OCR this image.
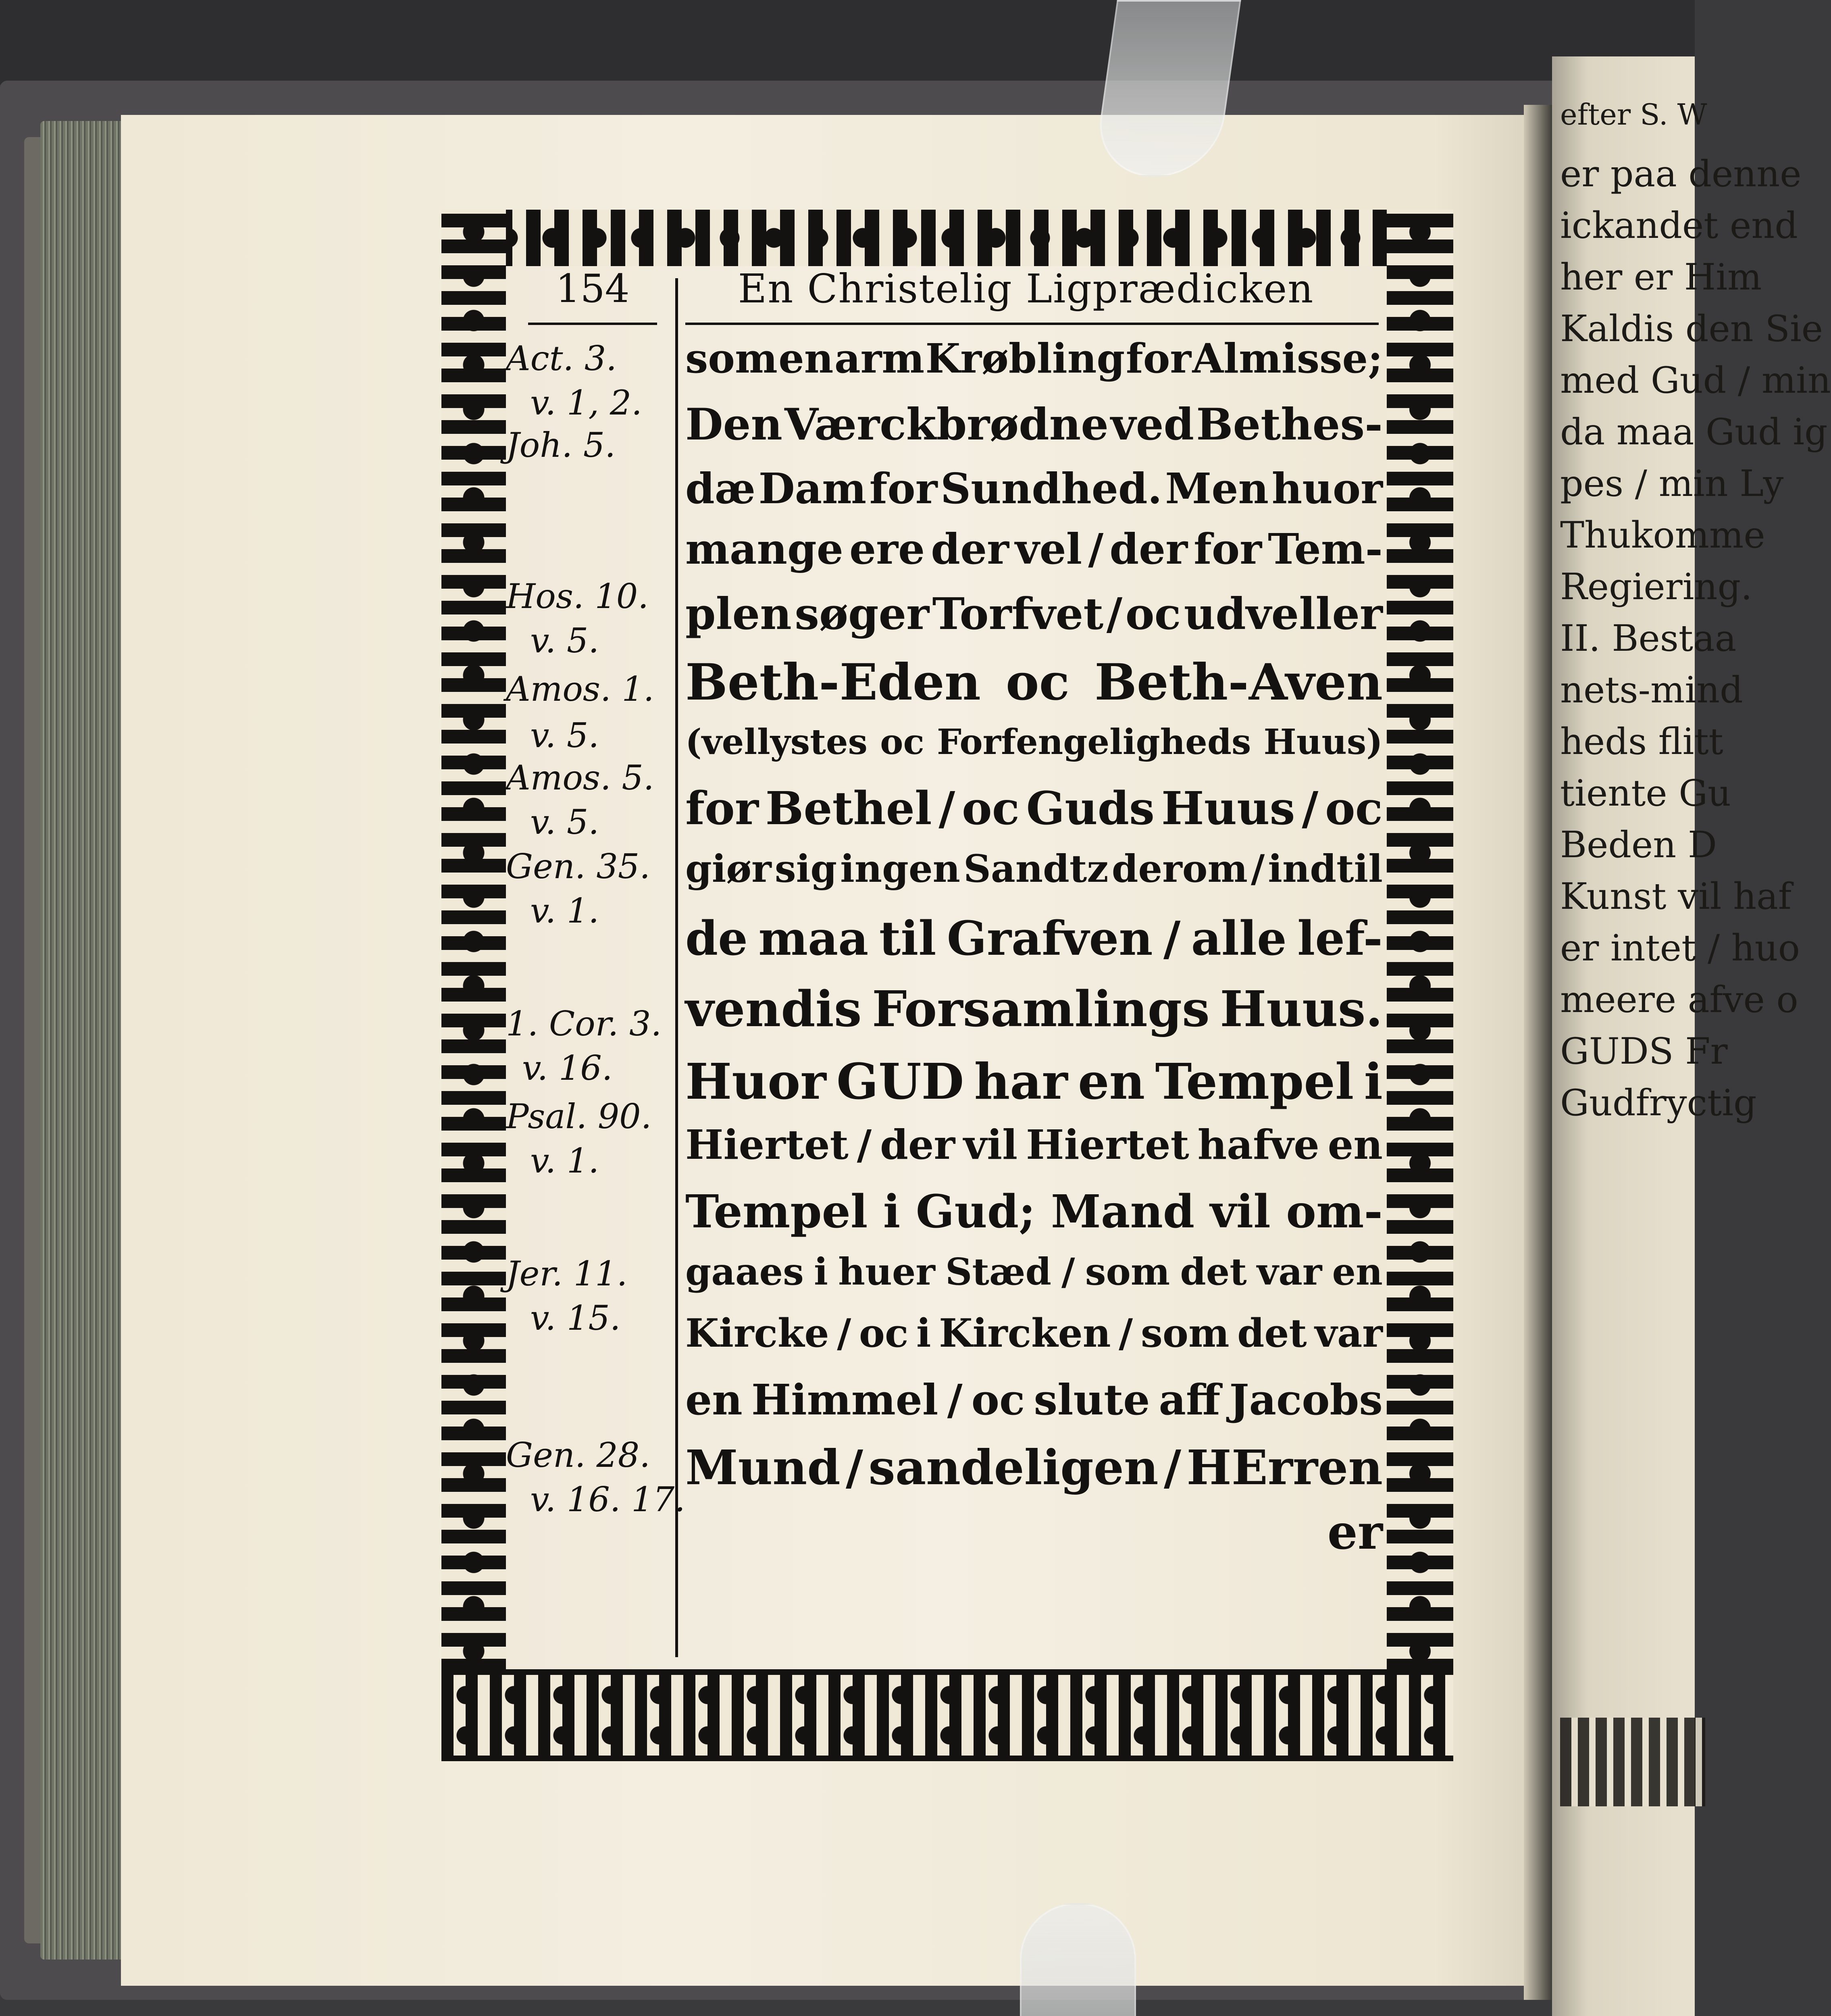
efter S. W
er paa denne
ickandet end
her er Him
Kaldis den Sie
med Gud / min
da maa Gud ig
pes / min Ly
Thukomme
Regiering.
II. Bestaa
nets-mind
heds flitt
tiente Gu
Beden D
Kunst vil haf
er intet / huo
meere afve o
GUDS Fr
Gudfryctig
154	En Christelig Ligprædicken
Act. 3.
v. 1, 2.
Joh. 5.
Hos. 10.
v. 5.
Amos. 1.
v. 5.
Amos. 5.
v. 5.
Gen. 35.
v. 1.
1. Cor. 3.
v. 16.
Psal. 90.
v. 1.
Jer. 11.
v. 15.
Gen. 28.
v. 16. 17.
som en arm Krøbling for Almisse;
Den Værckbrødne ved Bethes-
dæ Dam for Sundhed. Men huor
mange ere der vel / der for Tem-
plen søger Torfvet / oc udveller
Beth-Eden oc Beth-Aven
(vellystes oc Forfengeligheds Huus)
for Bethel / oc Guds Huus / oc
giør sig ingen Sandtz derom / indtil
de maa til Grafven / alle lef-
vendis Forsamlings Huus.
Huor GUD har en Tempel i
Hiertet / der vil Hiertet hafve en
Tempel i Gud; Mand vil om-
gaaes i huer Stæd / som det var en
Kircke / oc i Kircken / som det var
en Himmel / oc slute aff Jacobs
Mund / sandeligen / HErren
er
